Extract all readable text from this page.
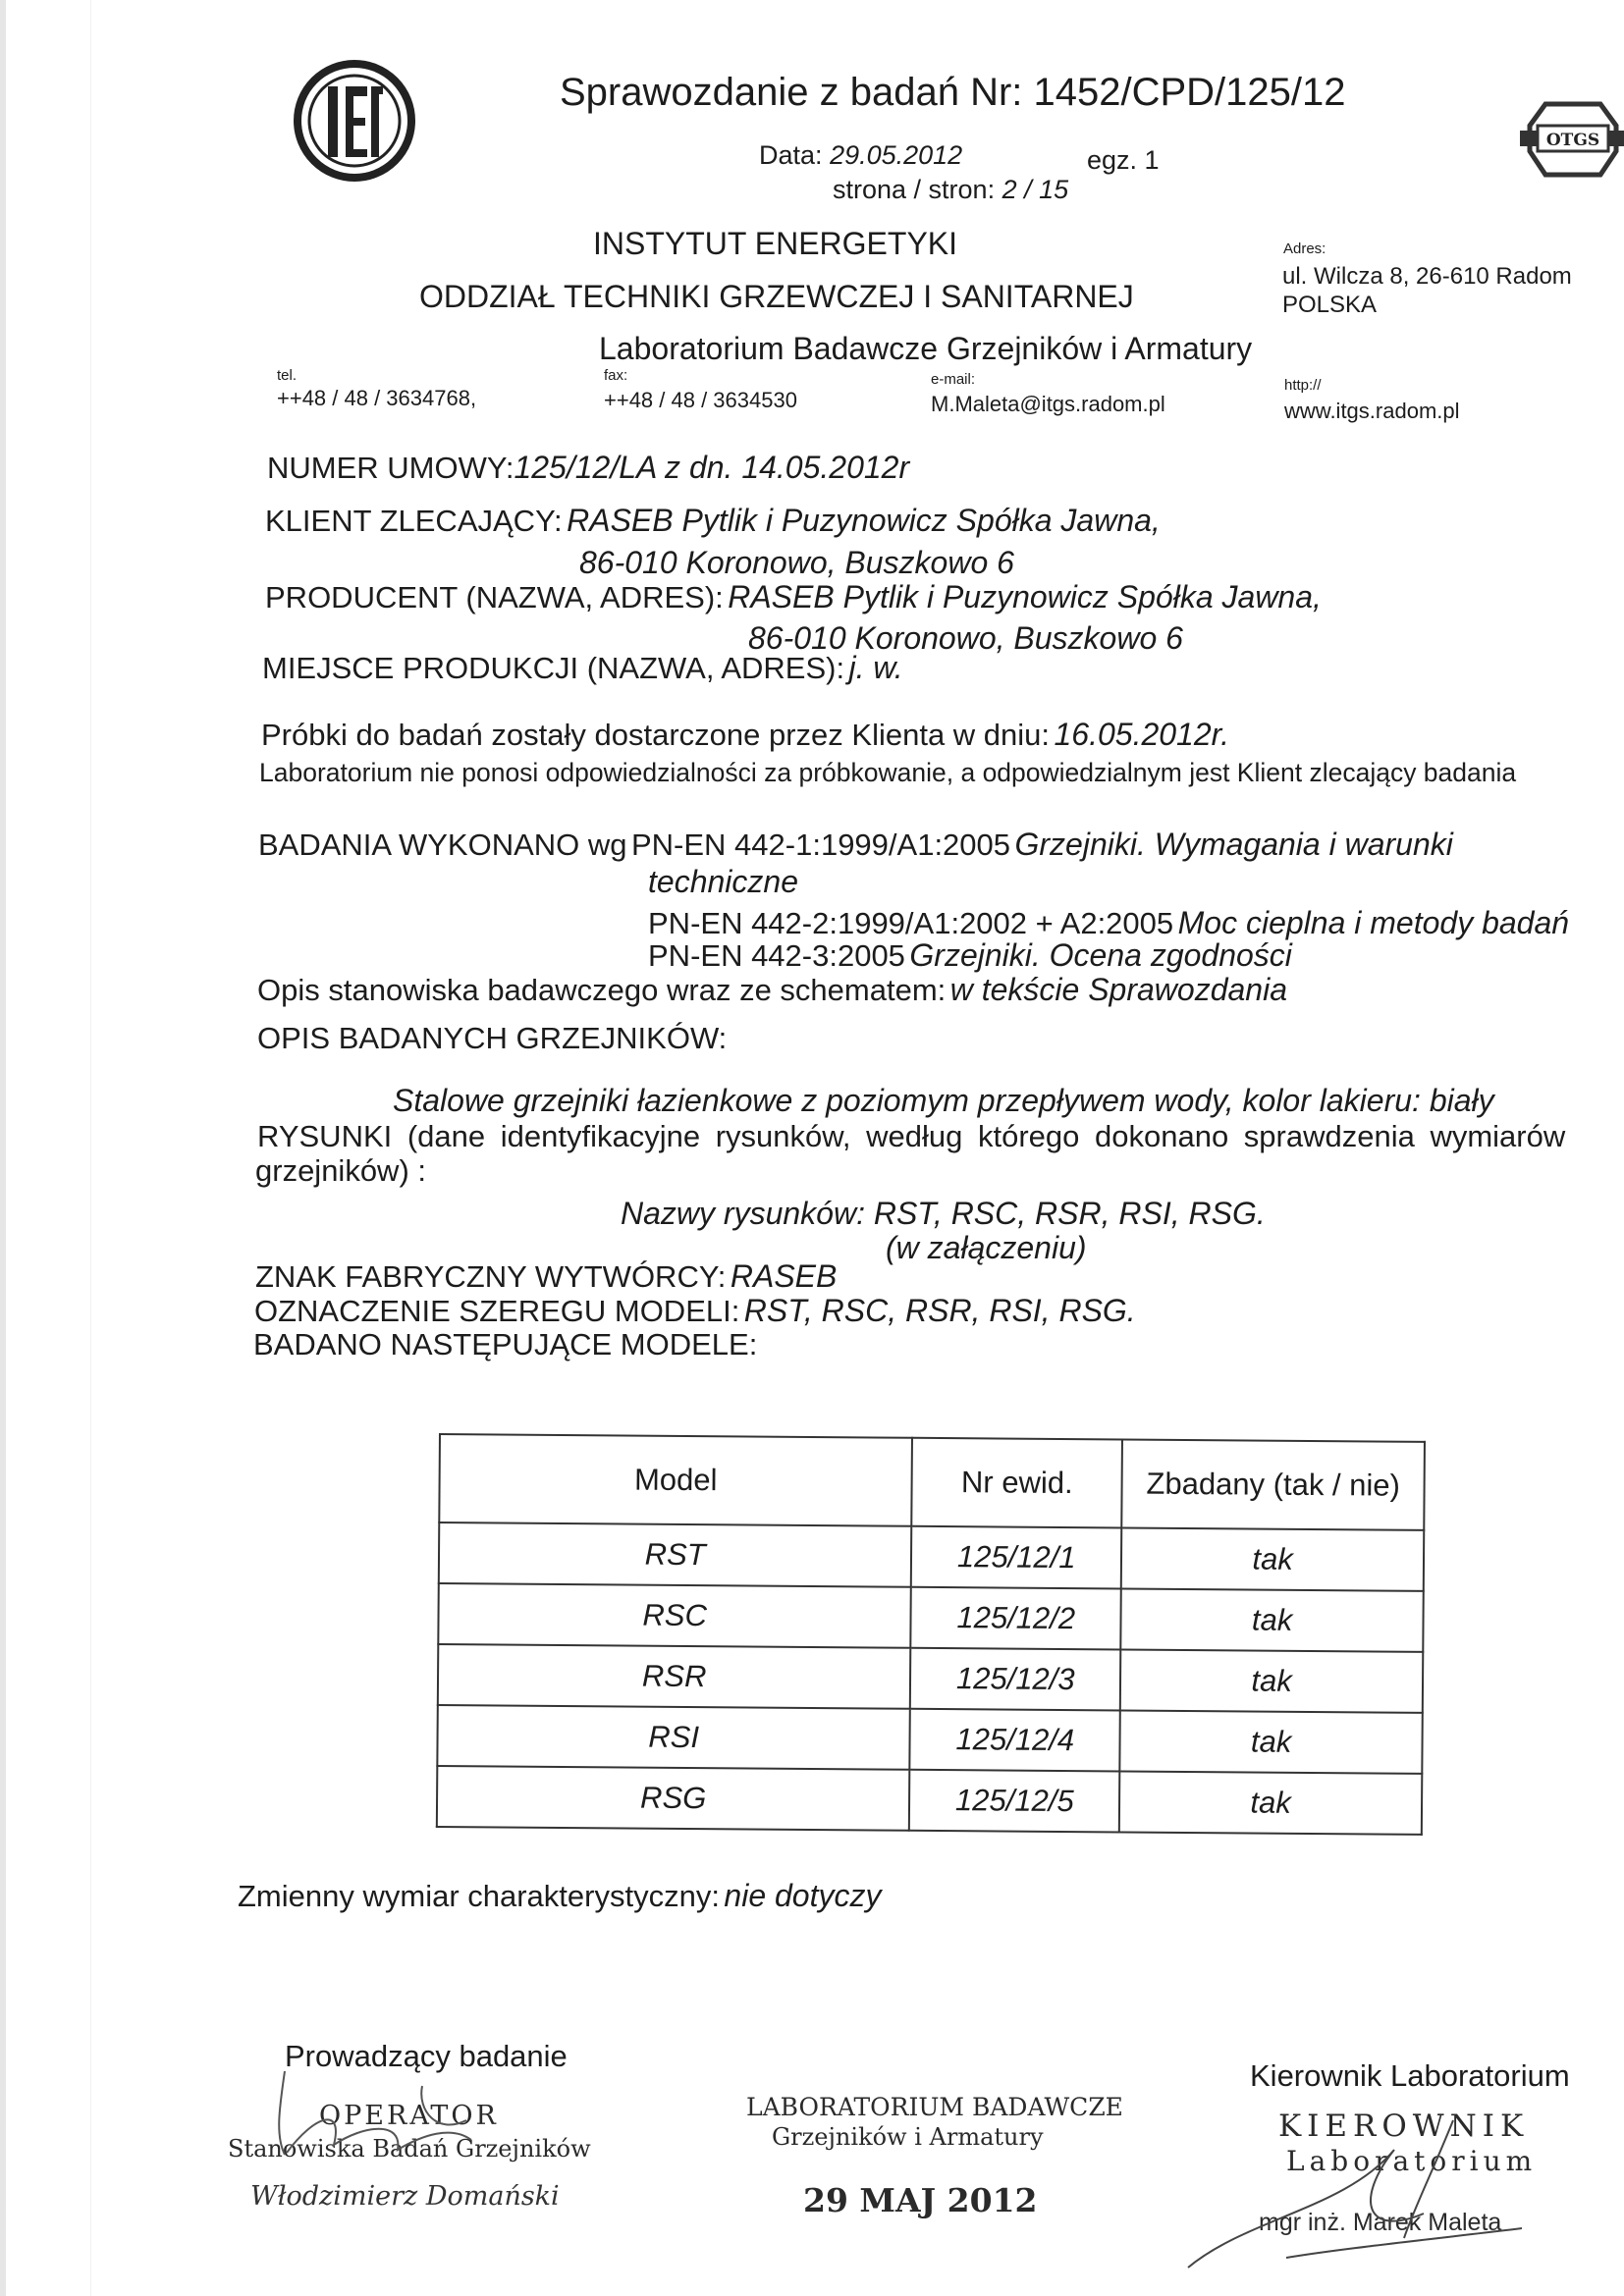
IEN
OTGS
Sprawozdanie z badań Nr: 1452/CPD/125/12
Data: 29.05.2012	egz. 1
strona / stron: 2 / 15
INSTYTUT ENERGETYKI
ODDZIAŁ TECHNIKI GRZEWCZEJ I SANITARNEJ
Laboratorium Badawcze Grzejników i Armatury
Adres:
ul. Wilcza 8, 26-610 Radom
POLSKA
tel.
++48 / 48 / 3634768,
fax:
++48 / 48 / 3634530
e-mail:
M.Maleta@itgs.radom.pl
http://
www.itgs.radom.pl
NUMER UMOWY:125/12/LA z dn. 14.05.2012r
KLIENT ZLECAJĄCY: RASEB Pytlik i Puzynowicz Spółka Jawna,
86-010 Koronowo, Buszkowo 6
PRODUCENT (NAZWA, ADRES): RASEB Pytlik i Puzynowicz Spółka Jawna,
86-010 Koronowo, Buszkowo 6
MIEJSCE PRODUKCJI (NAZWA, ADRES): j. w.
Próbki do badań zostały dostarczone przez Klienta w dniu: 16.05.2012r.
Laboratorium nie ponosi odpowiedzialności za próbkowanie, a odpowiedzialnym jest Klient zlecający badania
BADANIA WYKONANO wg PN-EN 442-1:1999/A1:2005 Grzejniki. Wymagania i warunki
techniczne
PN-EN 442-2:1999/A1:2002 + A2:2005 Moc cieplna i metody badań
PN-EN 442-3:2005 Grzejniki. Ocena zgodności
Opis stanowiska badawczego wraz ze schematem: w tekście Sprawozdania
OPIS BADANYCH GRZEJNIKÓW:
Stalowe grzejniki łazienkowe z poziomym przepływem wody, kolor lakieru: biały
RYSUNKI (dane identyfikacyjne rysunków, według którego dokonano sprawdzenia wymiarów
grzejników) :
Nazwy rysunków: RST, RSC, RSR, RSI, RSG.
(w załączeniu)
ZNAK FABRYCZNY WYTWÓRCY: RASEB
OZNACZENIE SZEREGU MODELI: RST, RSC, RSR, RSI, RSG.
BADANO NASTĘPUJĄCE MODELE:
Model	Nr ewid.	Zbadany (tak / nie)
RST	125/12/1	tak
RSC	125/12/2	tak
RSR	125/12/3	tak
RSI	125/12/4	tak
RSG	125/12/5	tak
Zmienny wymiar charakterystyczny: nie dotyczy
Prowadzący badanie
OPERATOR
Stanowiska Badań Grzejników
Włodzimierz Domański
LABORATORIUM BADAWCZE
Grzejników i Armatury
29 MAJ 2012
Kierownik Laboratorium
KIEROWNIK
Laboratorium
mgr inż. Marek Maleta
